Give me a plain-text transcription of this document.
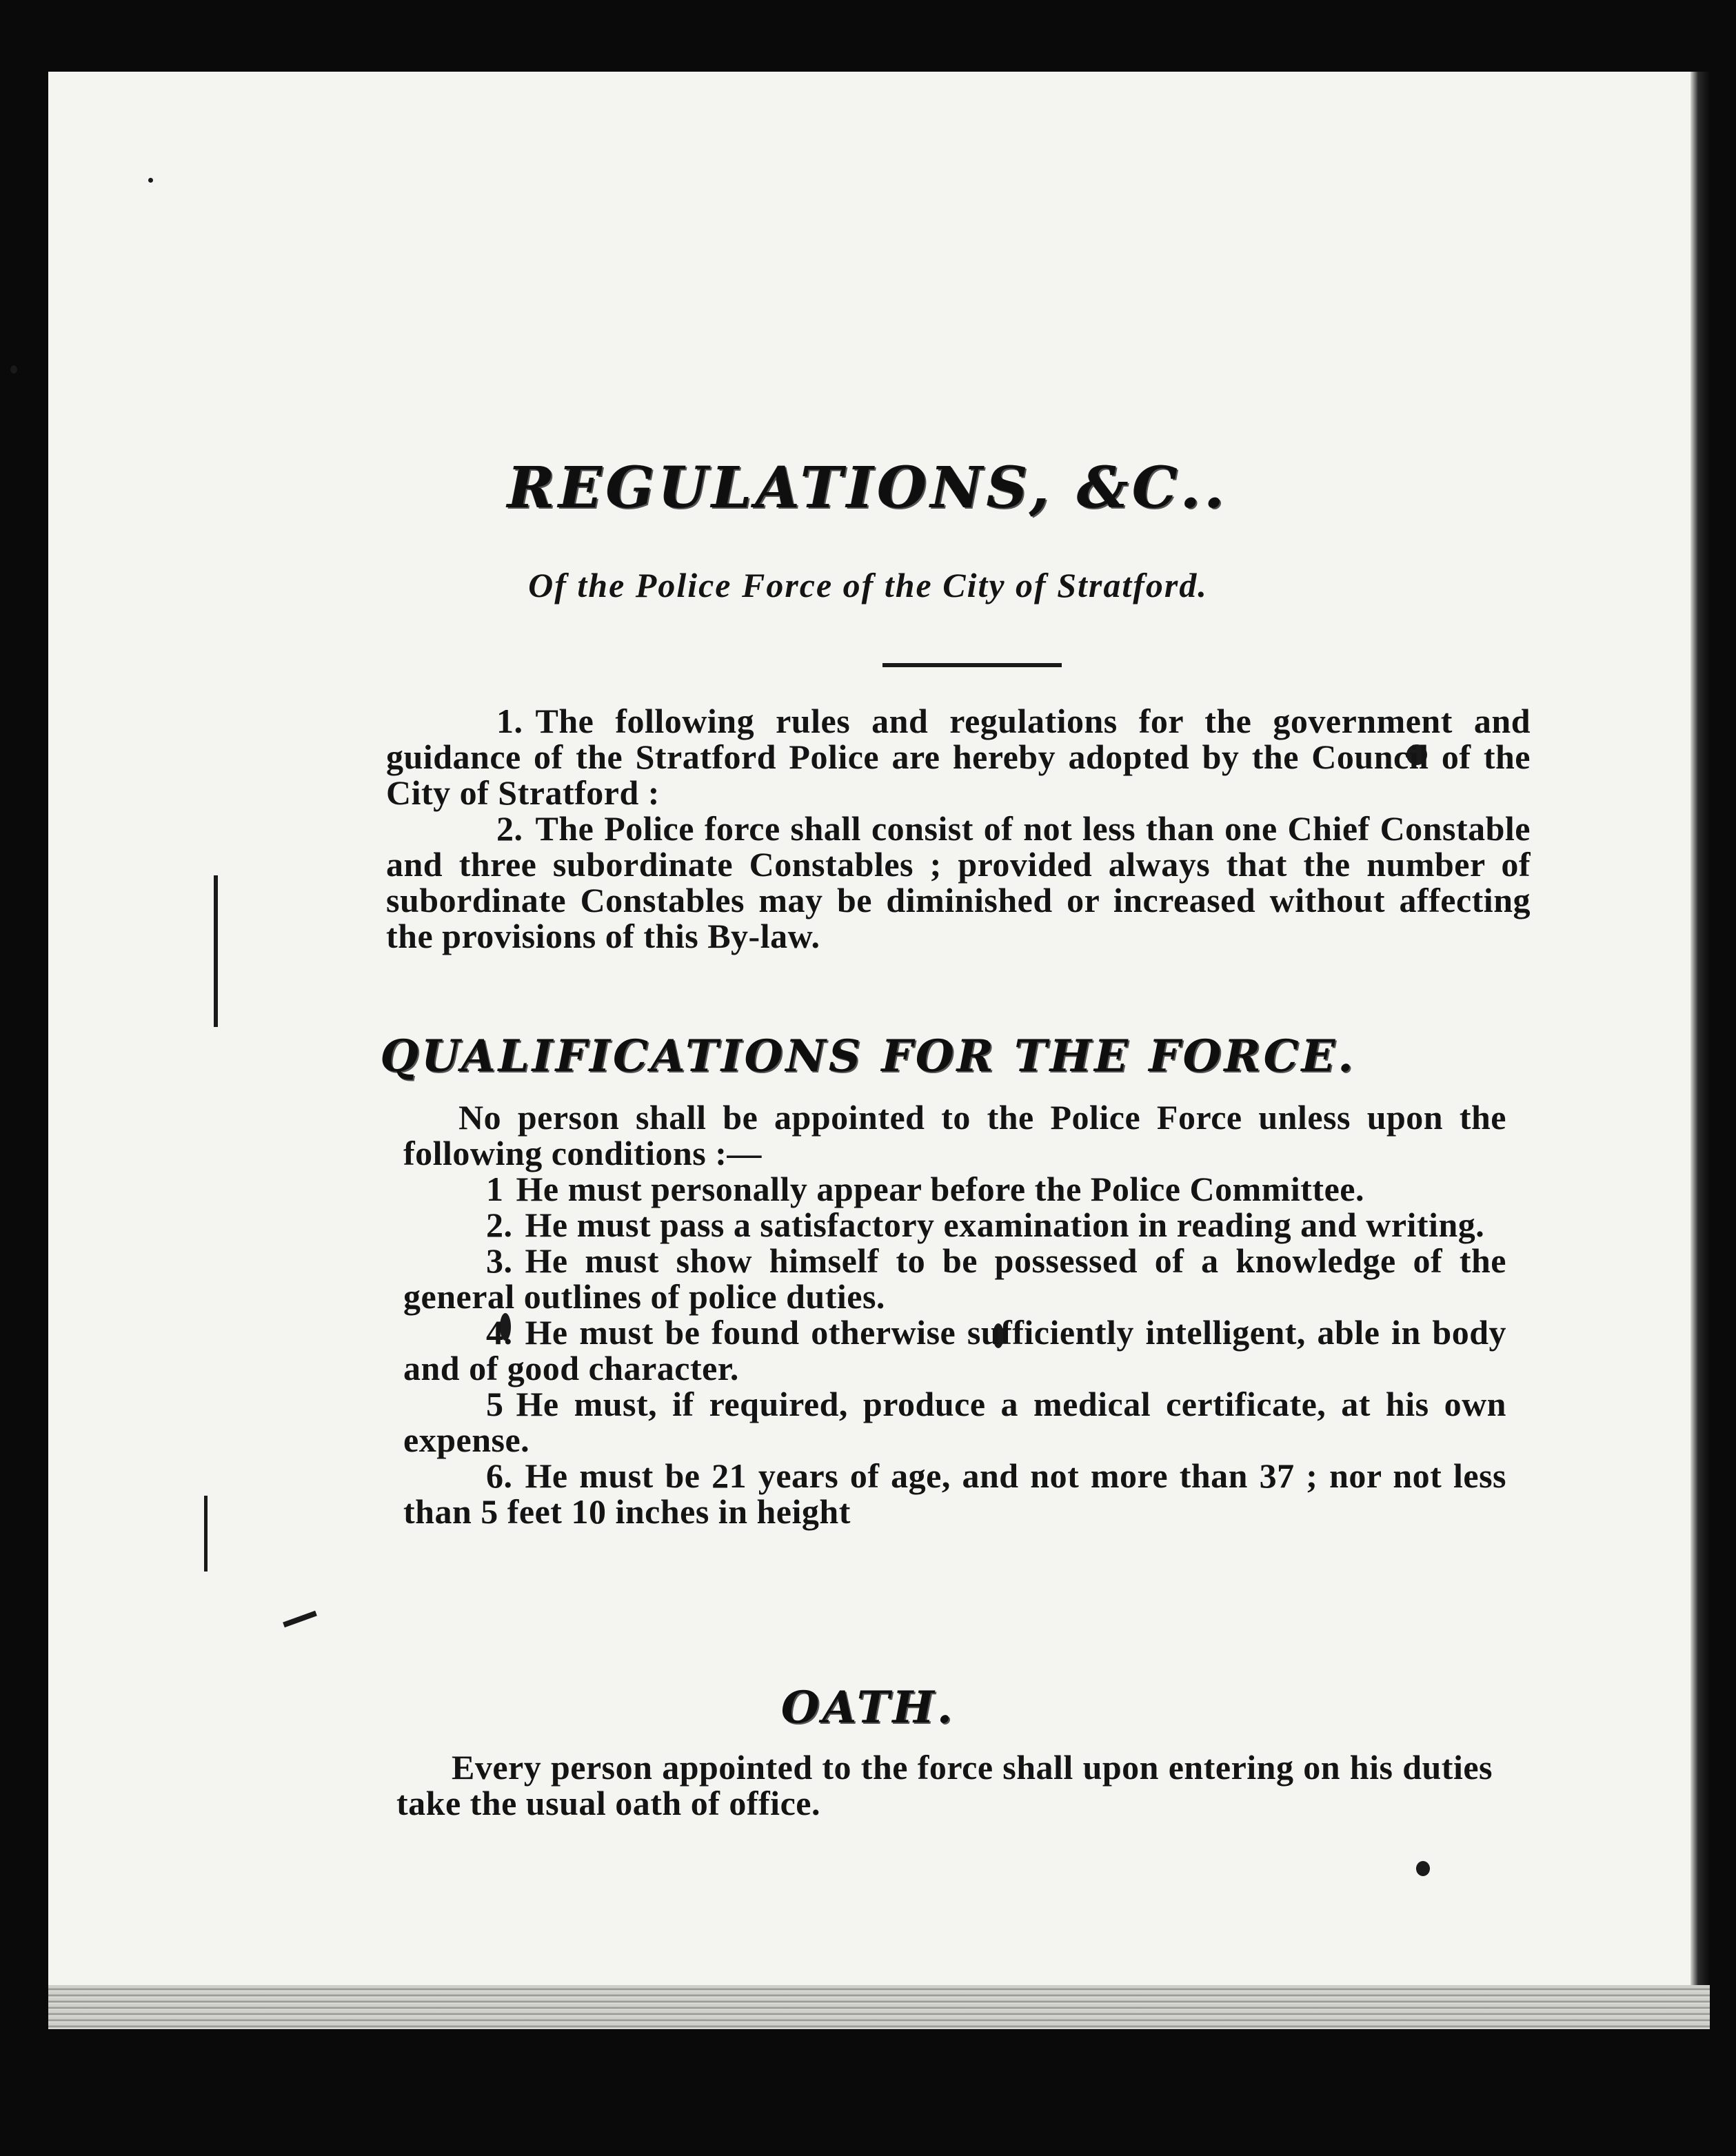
REGULATIONS, &C..
Of the Police Force of the City of Stratford.

1. The following rules and regulations for the government and guidance of the Stratford Police are hereby adopted by the Council of the City of Stratford :

2. The Police force shall consist of not less than one Chief Constable and three subordinate Constables ; provided always that the number of subordinate Constables may be diminished or increased without affecting the provisions of this By-law.

QUALIFICATIONS FOR THE FORCE.

No person shall be appointed to the Police Force unless upon the following conditions :—

1 He must personally appear before the Police Committee.

2. He must pass a satisfactory examination in reading and writing.

3. He must show himself to be possessed of a knowledge of the general outlines of police duties.

4. He must be found otherwise sufficiently intelligent, able in body and of good character.

5 He must, if required, produce a medical certificate, at his own expense.

6. He must be 21 years of age, and not more than 37 ; nor not less than 5 feet 10 inches in height

OATH.

Every person appointed to the force shall upon entering on his duties take the usual oath of office.
